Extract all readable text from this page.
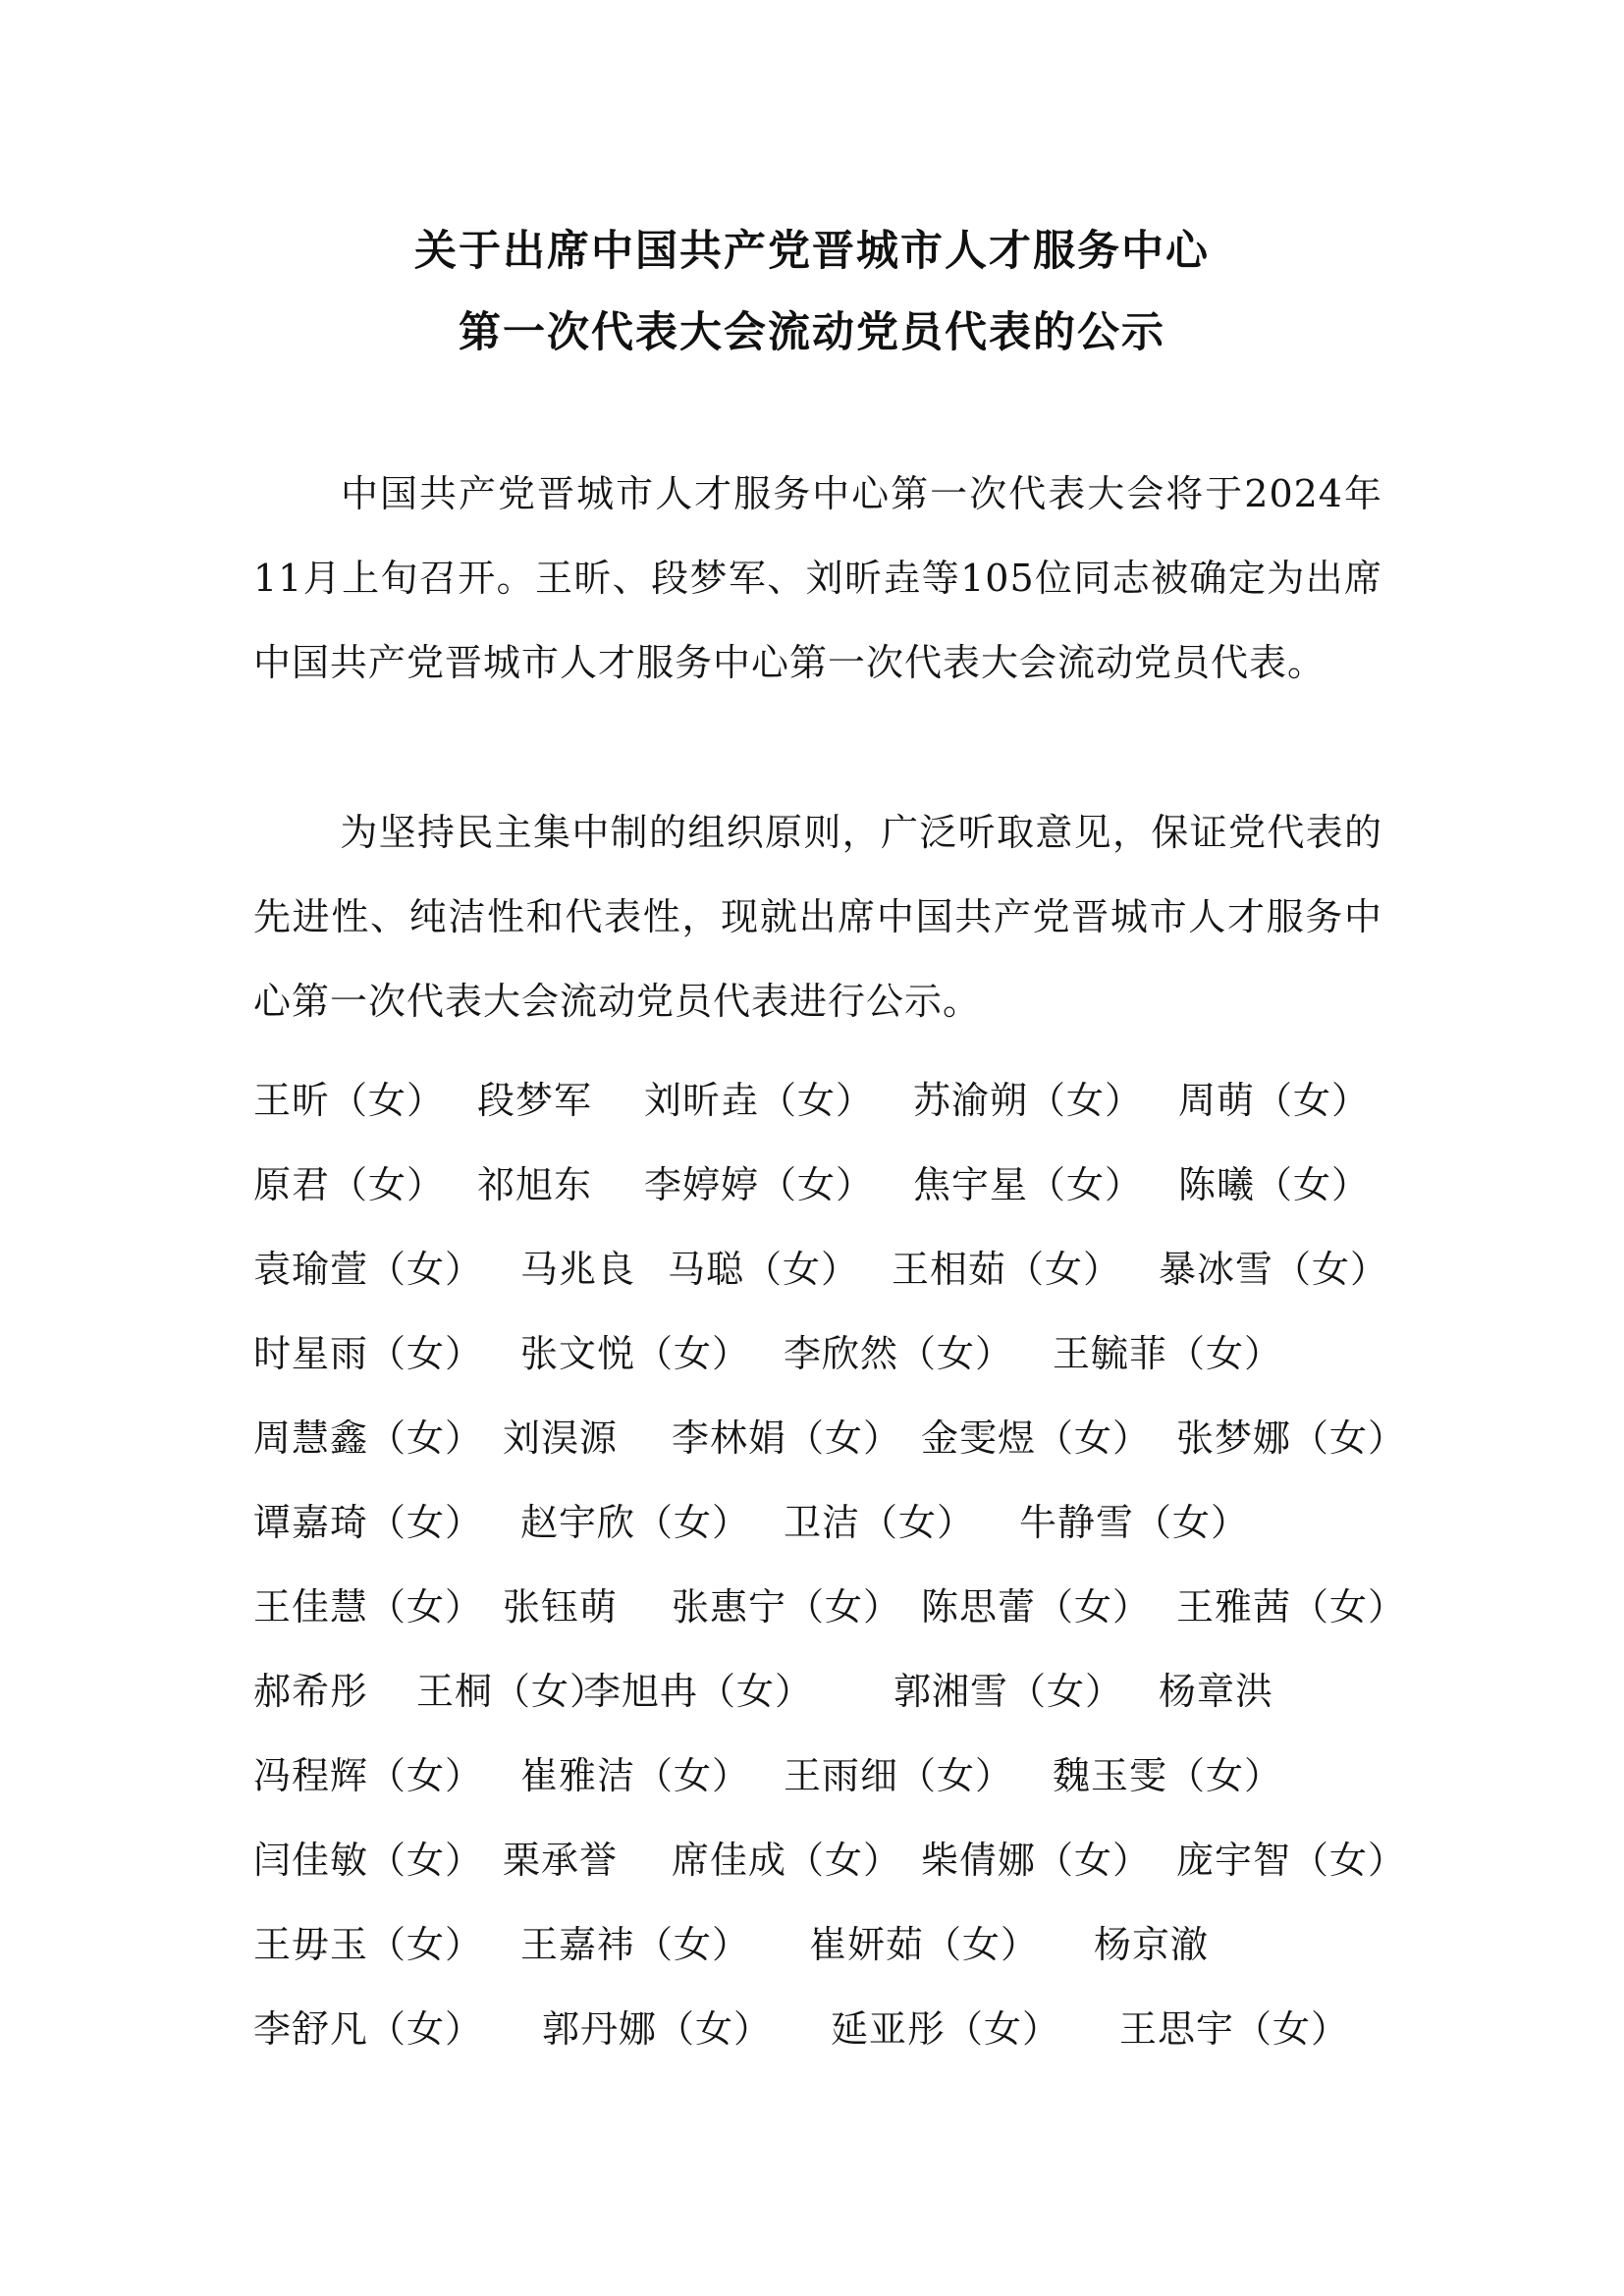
关于出席中国共产党晋城市人才服务中心
第一次代表大会流动党员代表的公示
中国共产党晋城市人才服务中心第一次代表大会将于2024年11月上旬召开。王昕、段梦军、刘昕垚等105位同志被确定为出席中国共产党晋城市人才服务中心第一次代表大会流动党员代表。
为坚持民主集中制的组织原则，广泛听取意见，保证党代表的先进性、纯洁性和代表性，现就出席中国共产党晋城市人才服务中心第一次代表大会流动党员代表进行公示。
王昕（女） 段梦军 刘昕垚（女） 苏渝朔（女） 周萌（女）
原君（女） 祁旭东 李婷婷（女） 焦宇星（女） 陈曦（女）
袁瑜萱（女） 马兆良 马聪（女） 王相茹（女） 暴冰雪（女）
时星雨（女） 张文悦（女） 李欣然（女） 王毓菲（女）
周慧鑫（女） 刘淏源 李林娟（女） 金雯煜（女） 张梦娜（女）
谭嘉琦（女） 赵宇欣（女） 卫洁（女） 牛静雪（女）
王佳慧（女） 张钰萌 张惠宁（女） 陈思蕾（女） 王雅茜（女）
郝希彤 王桐（女）
李旭冉（女） 郭湘雪（女） 杨章洪
冯程辉（女） 崔雅洁（女） 王雨细（女） 魏玉雯（女）
闫佳敏（女） 栗承誉 席佳成（女） 柴倩娜（女） 庞宇智（女）
王毋玉（女） 王嘉祎（女） 崔妍茹（女） 杨京澈
李舒凡（女） 郭丹娜（女） 延亚彤（女） 王思宇（女）
